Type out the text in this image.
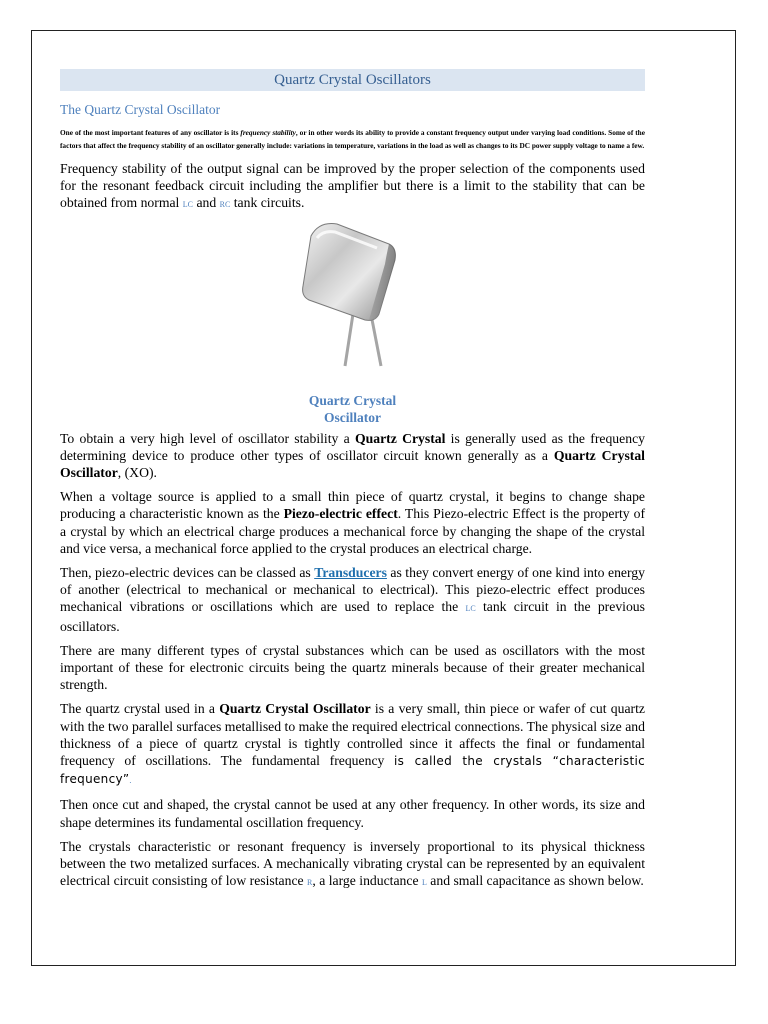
Quartz Crystal Oscillators
The Quartz Crystal Oscillator
One of the most important features of any oscillator is its frequency stability, or in other words its ability to provide a constant frequency output under varying load conditions. Some of the factors that affect the frequency stability of an oscillator generally include: variations in temperature, variations in the load as well as changes to its DC power supply voltage to name a few.

Frequency stability of the output signal can be improved by the proper selection of the components used for the resonant feedback circuit including the amplifier but there is a limit to the stability that can be obtained from normal LC and RC tank circuits.

Quartz Crystal
Oscillator

To obtain a very high level of oscillator stability a Quartz Crystal is generally used as the frequency determining device to produce other types of oscillator circuit known generally as a Quartz Crystal Oscillator, (XO).

When a voltage source is applied to a small thin piece of quartz crystal, it begins to change shape producing a characteristic known as the Piezo-electric effect. This Piezo-electric Effect is the property of a crystal by which an electrical charge produces a mechanical force by changing the shape of the crystal and vice versa, a mechanical force applied to the crystal produces an electrical charge.

Then, piezo-electric devices can be classed as Transducers as they convert energy of one kind into energy of another (electrical to mechanical or mechanical to electrical). This piezo-electric effect produces mechanical vibrations or oscillations which are used to replace the LC tank circuit in the previous oscillators.

There are many different types of crystal substances which can be used as oscillators with the most important of these for electronic circuits being the quartz minerals because of their greater mechanical strength.

The quartz crystal used in a Quartz Crystal Oscillator is a very small, thin piece or wafer of cut quartz with the two parallel surfaces metallised to make the required electrical connections. The physical size and thickness of a piece of quartz crystal is tightly controlled since it affects the final or fundamental frequency of oscillations. The fundamental frequency is called the crystals “characteristic frequency”.

Then once cut and shaped, the crystal cannot be used at any other frequency. In other words, its size and shape determines its fundamental oscillation frequency.

The crystals characteristic or resonant frequency is inversely proportional to its physical thickness between the two metalized surfaces. A mechanically vibrating crystal can be represented by an equivalent electrical circuit consisting of low resistance R, a large inductance L and small capacitance as shown below.
